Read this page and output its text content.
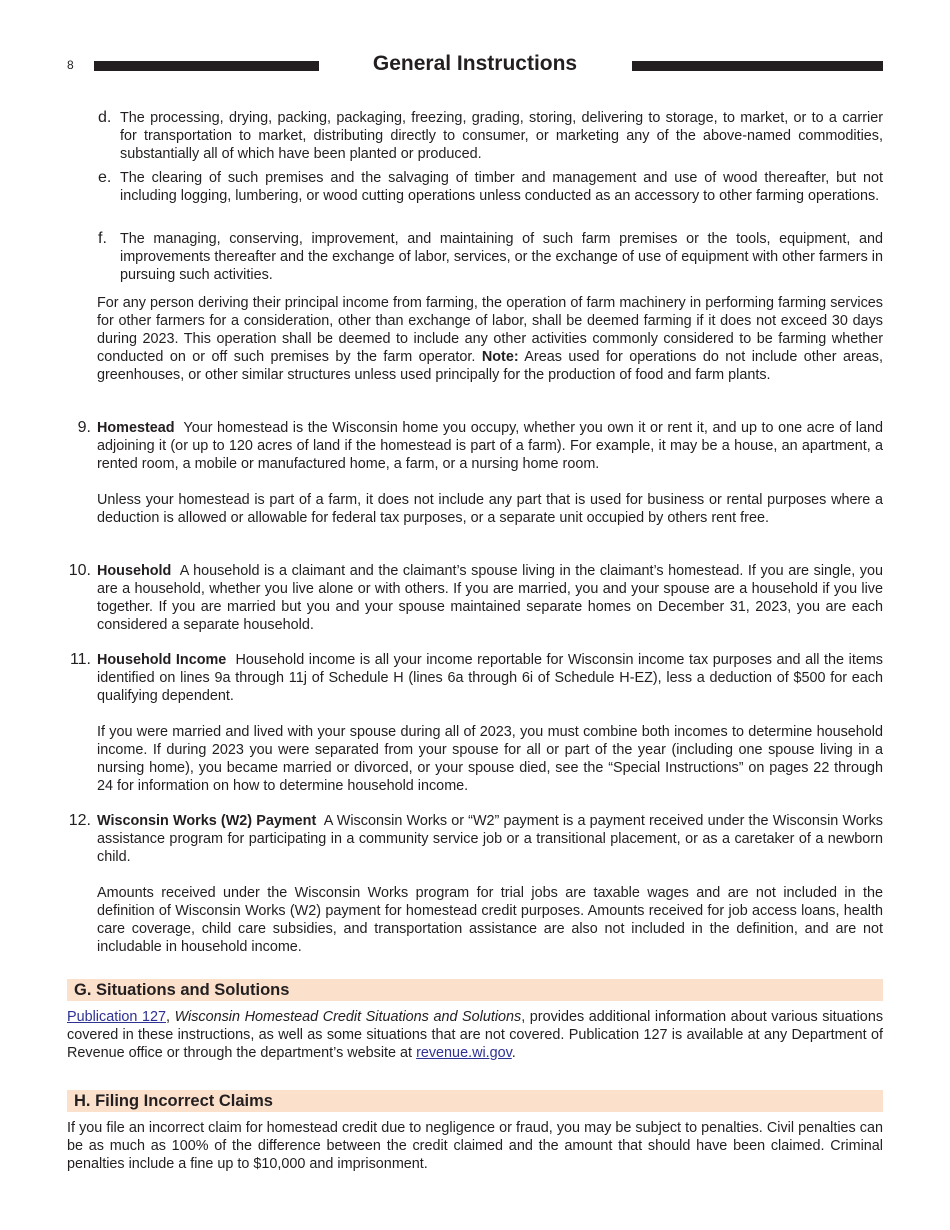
8	General Instructions
d. The processing, drying, packing, packaging, freezing, grading, storing, delivering to storage, to market, or to a carrier for transportation to market, distributing directly to consumer, or marketing any of the above-named commodities, substantially all of which have been planted or produced.

e. The clearing of such premises and the salvaging of timber and management and use of wood thereafter, but not including logging, lumbering, or wood cutting operations unless conducted as an accessory to other farming operations.

f. The managing, conserving, improvement, and maintaining of such farm premises or the tools, equipment, and improvements thereafter and the exchange of labor, services, or the exchange of use of equipment with other farmers in pursuing such activities.

For any person deriving their principal income from farming, the operation of farm machinery in performing farming services for other farmers for a consideration, other than exchange of labor, shall be deemed farming if it does not exceed 30 days during 2023. This operation shall be deemed to include any other activities commonly considered to be farming whether conducted on or off such premises by the farm operator. Note: Areas used for operations do not include other areas, greenhouses, or other similar structures unless used principally for the production of food and farm plants.

9. Homestead Your homestead is the Wisconsin home you occupy, whether you own it or rent it, and up to one acre of land adjoining it (or up to 120 acres of land if the homestead is part of a farm). For example, it may be a house, an apartment, a rented room, a mobile or manufactured home, a farm, or a nursing home room.

Unless your homestead is part of a farm, it does not include any part that is used for business or rental purposes where a deduction is allowed or allowable for federal tax purposes, or a separate unit occupied by others rent free.

10. Household A household is a claimant and the claimant’s spouse living in the claimant’s homestead. If you are single, you are a household, whether you live alone or with others. If you are married, you and your spouse are a household if you live together. If you are married but you and your spouse maintained separate homes on December 31, 2023, you are each considered a separate household.

11. Household Income Household income is all your income reportable for Wisconsin income tax purposes and all the items identified on lines 9a through 11j of Schedule H (lines 6a through 6i of Schedule H-EZ), less a deduction of $500 for each qualifying dependent.

If you were married and lived with your spouse during all of 2023, you must combine both incomes to determine household income. If during 2023 you were separated from your spouse for all or part of the year (including one spouse living in a nursing home), you became married or divorced, or your spouse died, see the “Special Instructions” on pages 22 through 24 for information on how to determine household income.

12. Wisconsin Works (W2) Payment A Wisconsin Works or “W2” payment is a payment received under the Wisconsin Works assistance program for participating in a community service job or a transitional placement, or as a caretaker of a newborn child.

Amounts received under the Wisconsin Works program for trial jobs are taxable wages and are not included in the definition of Wisconsin Works (W2) payment for homestead credit purposes. Amounts received for job access loans, health care coverage, child care subsidies, and transportation assistance are also not included in the definition, and are not includable in household income.

G. Situations and Solutions

Publication 127, Wisconsin Homestead Credit Situations and Solutions, provides additional information about various situations covered in these instructions, as well as some situations that are not covered. Publication 127 is available at any Department of Revenue office or through the department’s website at revenue.wi.gov.

H. Filing Incorrect Claims

If you file an incorrect claim for homestead credit due to negligence or fraud, you may be subject to penalties. Civil penalties can be as much as 100% of the difference between the credit claimed and the amount that should have been claimed. Criminal penalties include a fine up to $10,000 and imprisonment.
